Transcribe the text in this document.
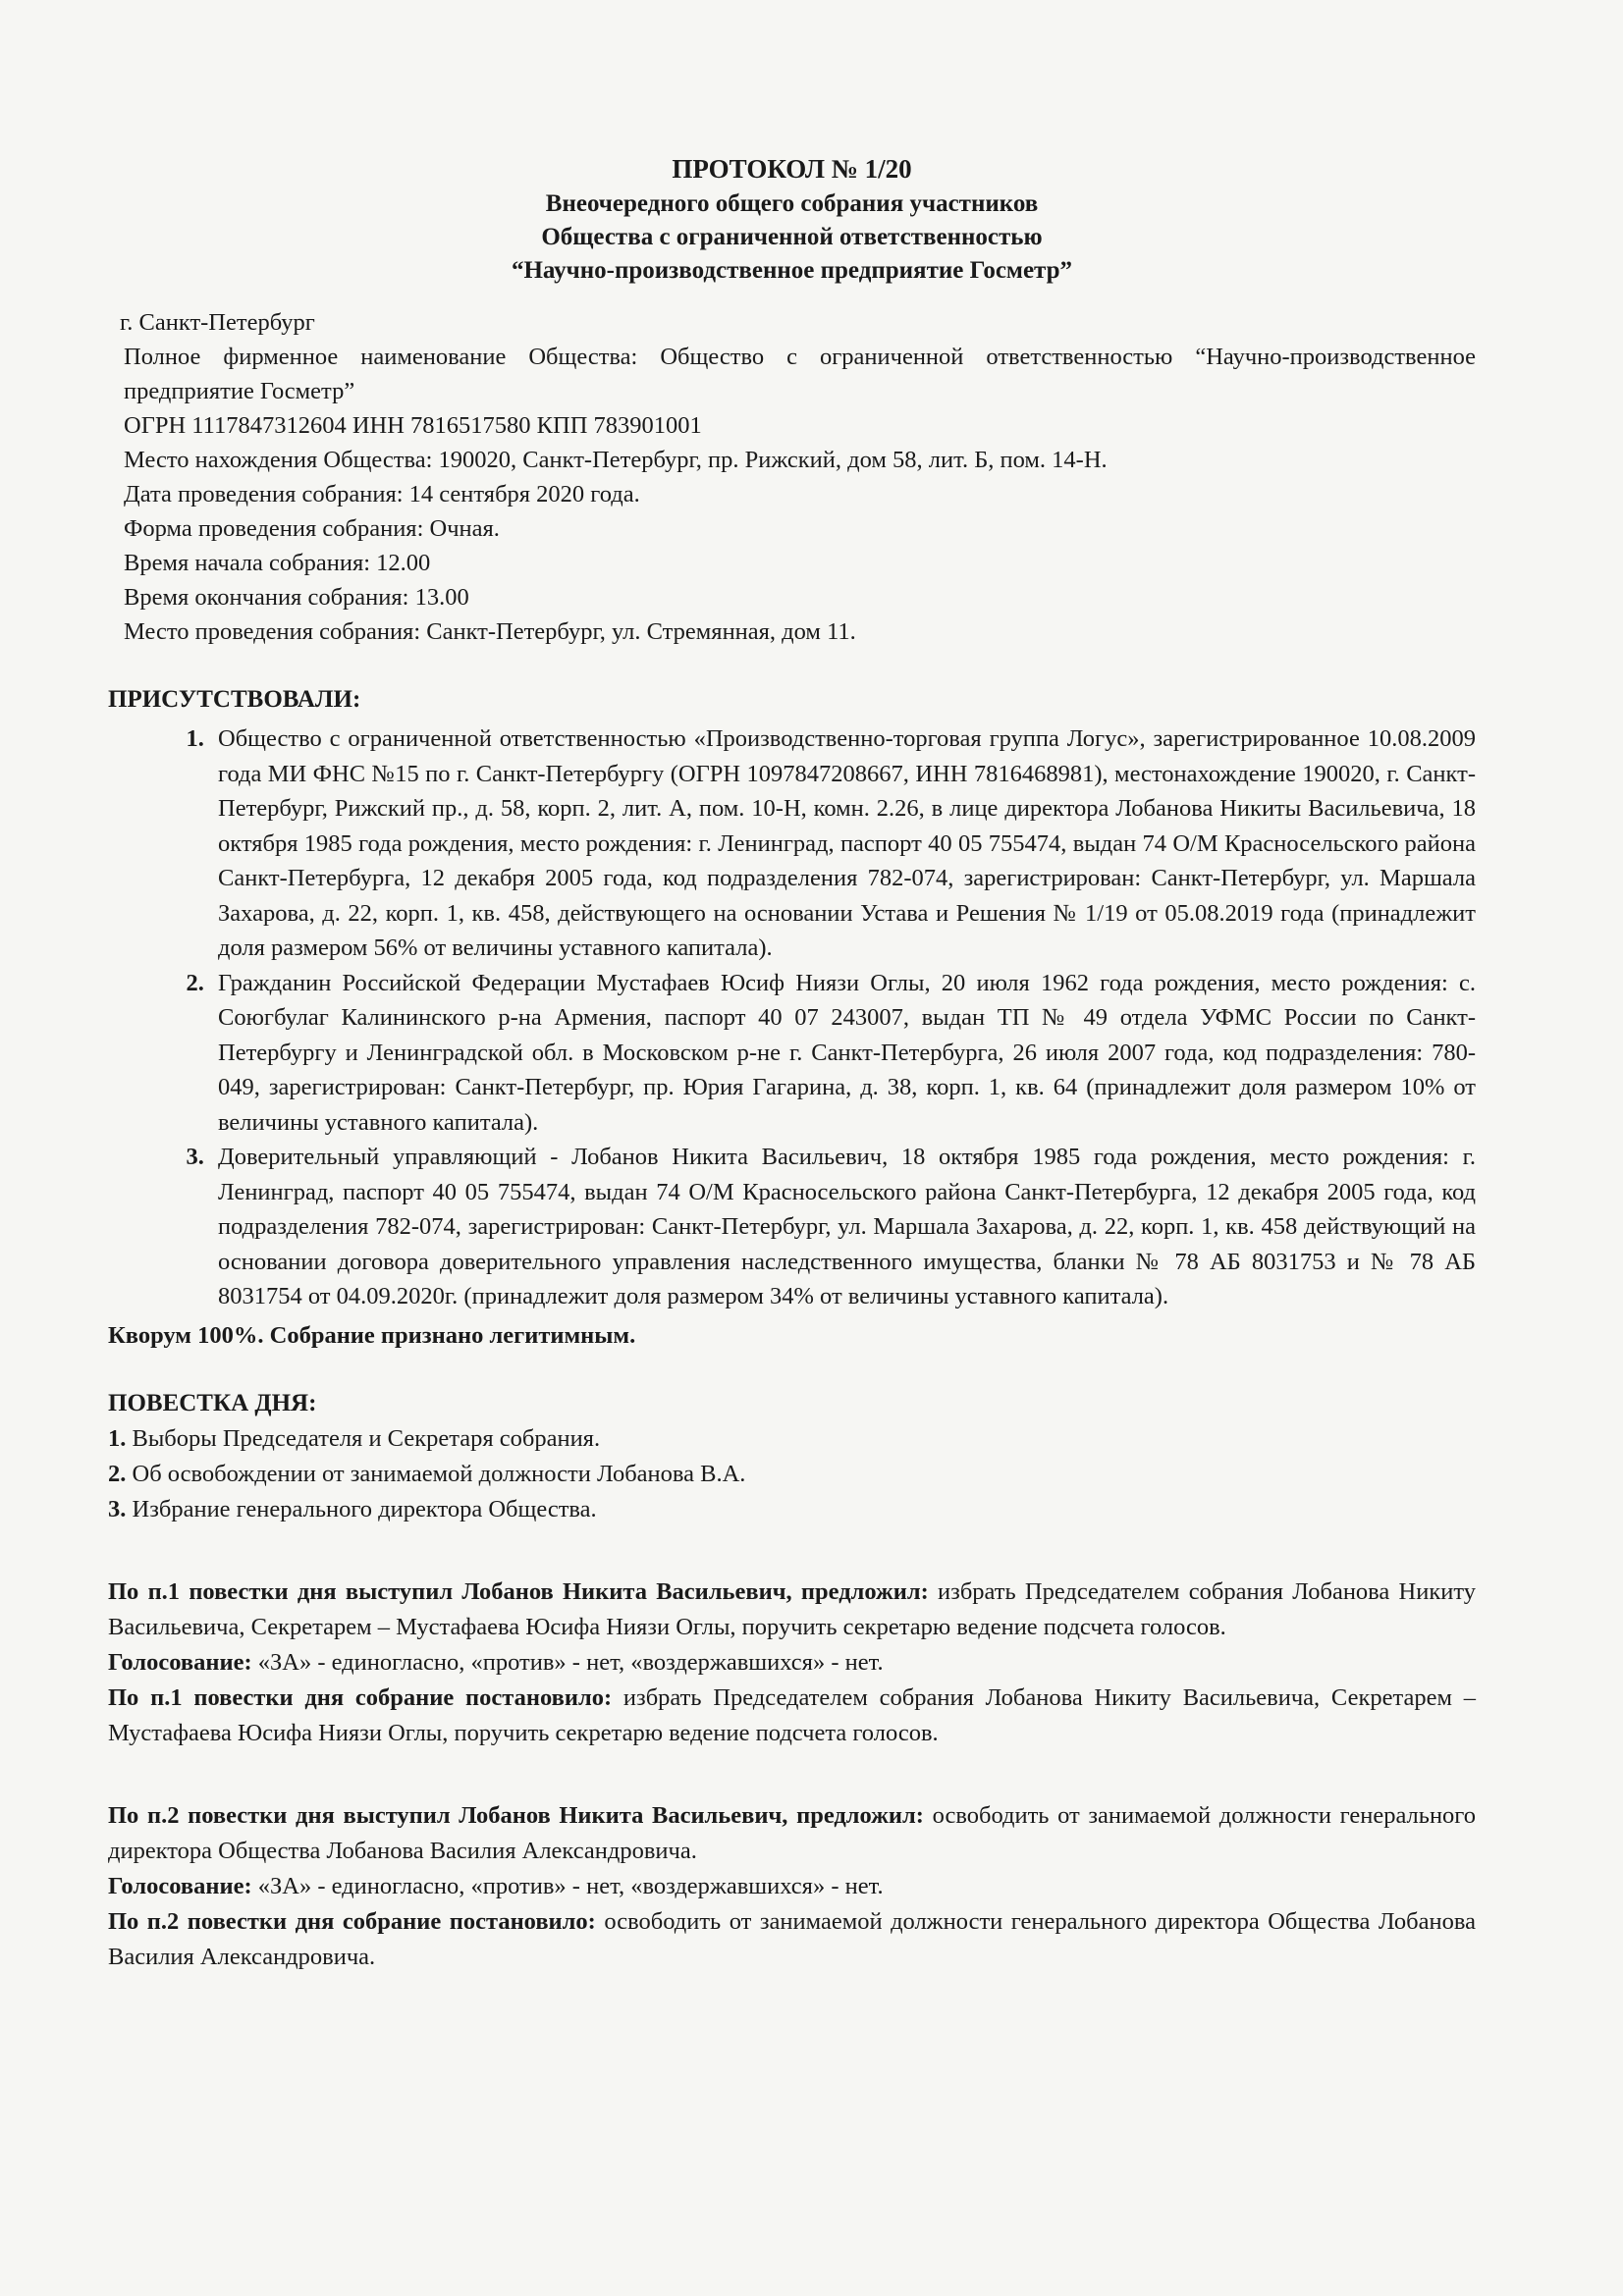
ПРОТОКОЛ № 1/20
Внеочередного общего собрания участников
Общества с ограниченной ответственностью
“Научно-производственное предприятие Госметр”

г. Санкт-Петербург

Полное фирменное наименование Общества: Общество с ограниченной ответственностью “Научно-производственное предприятие Госметр”

ОГРН 1117847312604 ИНН 7816517580 КПП 783901001

Место нахождения Общества: 190020, Санкт-Петербург, пр. Рижский, дом 58, лит. Б, пом. 14-Н.

Дата проведения собрания: 14 сентября 2020 года.

Форма проведения собрания: Очная.

Время начала собрания: 12.00

Время окончания собрания: 13.00

Место проведения собрания: Санкт-Петербург, ул. Стремянная, дом 11.

ПРИСУТСТВОВАЛИ:
1. Общество с ограниченной ответственностью «Производственно-торговая группа Логус», зарегистрированное 10.08.2009 года МИ ФНС №15 по г. Санкт-Петербургу (ОГРН 1097847208667, ИНН 7816468981), местонахождение 190020, г. Санкт-Петербург, Рижский пр., д. 58, корп. 2, лит. А, пом. 10-Н, комн. 2.26, в лице директора Лобанова Никиты Васильевича, 18 октября 1985 года рождения, место рождения: г. Ленинград, паспорт 40 05 755474, выдан 74 О/М Красносельского района Санкт-Петербурга, 12 декабря 2005 года, код подразделения 782-074, зарегистрирован: Санкт-Петербург, ул. Маршала Захарова, д. 22, корп. 1, кв. 458, действующего на основании Устава и Решения № 1/19 от 05.08.2019 года (принадлежит доля размером 56% от величины уставного капитала).
2. Гражданин Российской Федерации Мустафаев Юсиф Ниязи Оглы, 20 июля 1962 года рождения, место рождения: с. Союгбулаг Калининского р-на Армения, паспорт 40 07 243007, выдан ТП № 49 отдела УФМС России по Санкт-Петербургу и Ленинградской обл. в Московском р-не г. Санкт-Петербурга, 26 июля 2007 года, код подразделения: 780-049, зарегистрирован: Санкт-Петербург, пр. Юрия Гагарина, д. 38, корп. 1, кв. 64 (принадлежит доля размером 10% от величины уставного капитала).
3. Доверительный управляющий - Лобанов Никита Васильевич, 18 октября 1985 года рождения, место рождения: г. Ленинград, паспорт 40 05 755474, выдан 74 О/М Красносельского района Санкт-Петербурга, 12 декабря 2005 года, код подразделения 782-074, зарегистрирован: Санкт-Петербург, ул. Маршала Захарова, д. 22, корп. 1, кв. 458 действующий на основании договора доверительного управления наследственного имущества, бланки № 78 АБ 8031753 и № 78 АБ 8031754 от 04.09.2020г. (принадлежит доля размером 34% от величины уставного капитала).

Кворум 100%. Собрание признано легитимным.

ПОВЕСТКА ДНЯ:

1. Выборы Председателя и Секретаря собрания.

2. Об освобождении от занимаемой должности Лобанова В.А.

3. Избрание генерального директора Общества.

По п.1 повестки дня выступил Лобанов Никита Васильевич, предложил: избрать Председателем собрания Лобанова Никиту Васильевича, Секретарем – Мустафаева Юсифа Ниязи Оглы, поручить секретарю ведение подсчета голосов.

Голосование: «ЗА» - единогласно, «против» - нет, «воздержавшихся» - нет.

По п.1 повестки дня собрание постановило: избрать Председателем собрания Лобанова Никиту Васильевича, Секретарем – Мустафаева Юсифа Ниязи Оглы, поручить секретарю ведение подсчета голосов.

По п.2 повестки дня выступил Лобанов Никита Васильевич, предложил: освободить от занимаемой должности генерального директора Общества Лобанова Василия Александровича.

Голосование: «ЗА» - единогласно, «против» - нет, «воздержавшихся» - нет.

По п.2 повестки дня собрание постановило: освободить от занимаемой должности генерального директора Общества Лобанова Василия Александровича.
